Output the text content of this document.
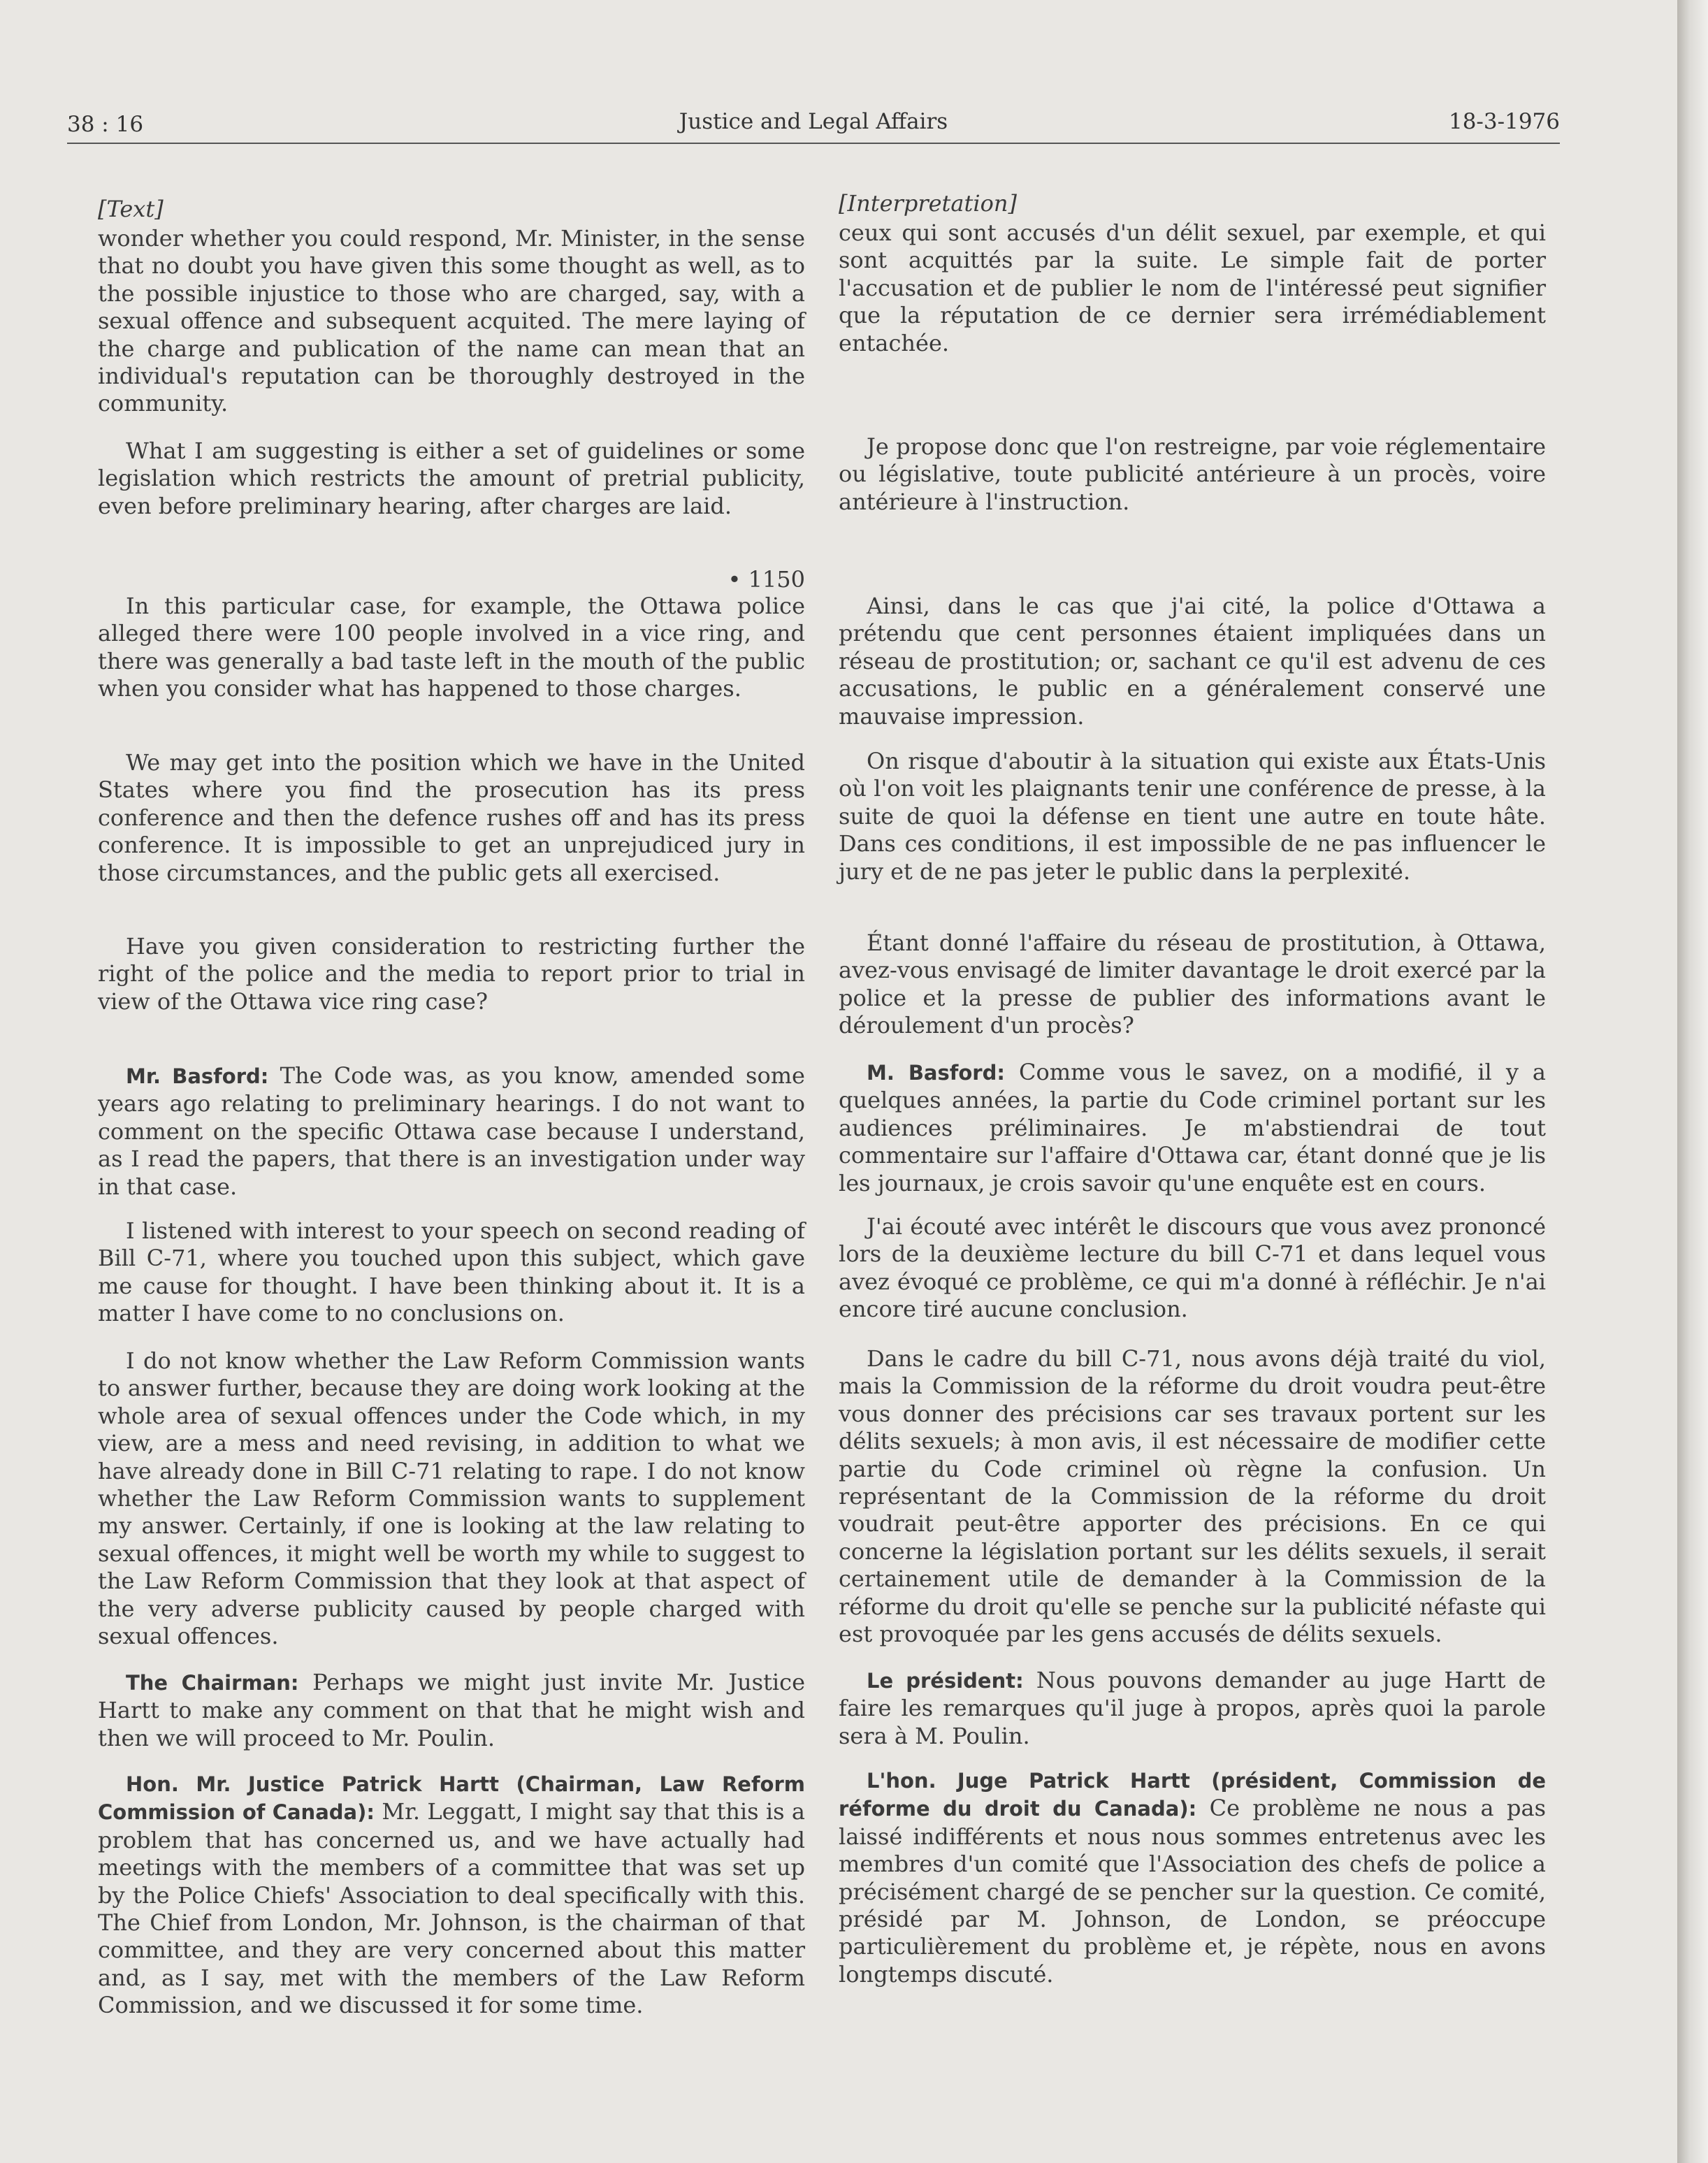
38 : 16	Justice and Legal Affairs	18-3-1976
[Text]

wonder whether you could respond, Mr. Minister, in the sense that no doubt you have given this some thought as well, as to the possible injustice to those who are charged, say, with a sexual offence and subsequent acquited. The mere laying of the charge and publication of the name can mean that an individual's reputation can be thoroughly destroyed in the community.

What I am suggesting is either a set of guidelines or some legislation which restricts the amount of pretrial publicity, even before preliminary hearing, after charges are laid.

• 1150

In this particular case, for example, the Ottawa police alleged there were 100 people involved in a vice ring, and there was generally a bad taste left in the mouth of the public when you consider what has happened to those charges.

We may get into the position which we have in the United States where you find the prosecution has its press conference and then the defence rushes off and has its press conference. It is impossible to get an unprejudiced jury in those circumstances, and the public gets all exercised.

Have you given consideration to restricting further the right of the police and the media to report prior to trial in view of the Ottawa vice ring case?

Mr. Basford: The Code was, as you know, amended some years ago relating to preliminary hearings. I do not want to comment on the specific Ottawa case because I understand, as I read the papers, that there is an investigation under way in that case.

I listened with interest to your speech on second reading of Bill C-71, where you touched upon this subject, which gave me cause for thought. I have been thinking about it. It is a matter I have come to no conclusions on.

I do not know whether the Law Reform Commission wants to answer further, because they are doing work looking at the whole area of sexual offences under the Code which, in my view, are a mess and need revising, in addition to what we have already done in Bill C-71 relating to rape. I do not know whether the Law Reform Commission wants to supplement my answer. Certainly, if one is looking at the law relating to sexual offences, it might well be worth my while to suggest to the Law Reform Commission that they look at that aspect of the very adverse publicity caused by people charged with sexual offences.

The Chairman: Perhaps we might just invite Mr. Justice Hartt to make any comment on that that he might wish and then we will proceed to Mr. Poulin.

Hon. Mr. Justice Patrick Hartt (Chairman, Law Reform Commission of Canada): Mr. Leggatt, I might say that this is a problem that has concerned us, and we have actually had meetings with the members of a committee that was set up by the Police Chiefs' Association to deal specifically with this. The Chief from London, Mr. Johnson, is the chairman of that committee, and they are very concerned about this matter and, as I say, met with the members of the Law Reform Commission, and we discussed it for some time.

[Interpretation]

ceux qui sont accusés d'un délit sexuel, par exemple, et qui sont acquittés par la suite. Le simple fait de porter l'accusation et de publier le nom de l'intéressé peut signifier que la réputation de ce dernier sera irrémédiablement entachée.

Je propose donc que l'on restreigne, par voie réglementaire ou législative, toute publicité antérieure à un procès, voire antérieure à l'instruction.

Ainsi, dans le cas que j'ai cité, la police d'Ottawa a prétendu que cent personnes étaient impliquées dans un réseau de prostitution; or, sachant ce qu'il est advenu de ces accusations, le public en a généralement conservé une mauvaise impression.

On risque d'aboutir à la situation qui existe aux États-Unis où l'on voit les plaignants tenir une conférence de presse, à la suite de quoi la défense en tient une autre en toute hâte. Dans ces conditions, il est impossible de ne pas influencer le jury et de ne pas jeter le public dans la perplexité.

Étant donné l'affaire du réseau de prostitution, à Ottawa, avez-vous envisagé de limiter davantage le droit exercé par la police et la presse de publier des informations avant le déroulement d'un procès?

M. Basford: Comme vous le savez, on a modifié, il y a quelques années, la partie du Code criminel portant sur les audiences préliminaires. Je m'abstiendrai de tout commentaire sur l'affaire d'Ottawa car, étant donné que je lis les journaux, je crois savoir qu'une enquête est en cours.

J'ai écouté avec intérêt le discours que vous avez prononcé lors de la deuxième lecture du bill C-71 et dans lequel vous avez évoqué ce problème, ce qui m'a donné à réfléchir. Je n'ai encore tiré aucune conclusion.

Dans le cadre du bill C-71, nous avons déjà traité du viol, mais la Commission de la réforme du droit voudra peut-être vous donner des précisions car ses travaux portent sur les délits sexuels; à mon avis, il est nécessaire de modifier cette partie du Code criminel où règne la confusion. Un représentant de la Commission de la réforme du droit voudrait peut-être apporter des précisions. En ce qui concerne la législation portant sur les délits sexuels, il serait certainement utile de demander à la Commission de la réforme du droit qu'elle se penche sur la publicité néfaste qui est provoquée par les gens accusés de délits sexuels.

Le président: Nous pouvons demander au juge Hartt de faire les remarques qu'il juge à propos, après quoi la parole sera à M. Poulin.

L'hon. Juge Patrick Hartt (président, Commission de réforme du droit du Canada): Ce problème ne nous a pas laissé indifférents et nous nous sommes entretenus avec les membres d'un comité que l'Association des chefs de police a précisément chargé de se pencher sur la question. Ce comité, présidé par M. Johnson, de London, se préoccupe particulièrement du problème et, je répète, nous en avons longtemps discuté.
